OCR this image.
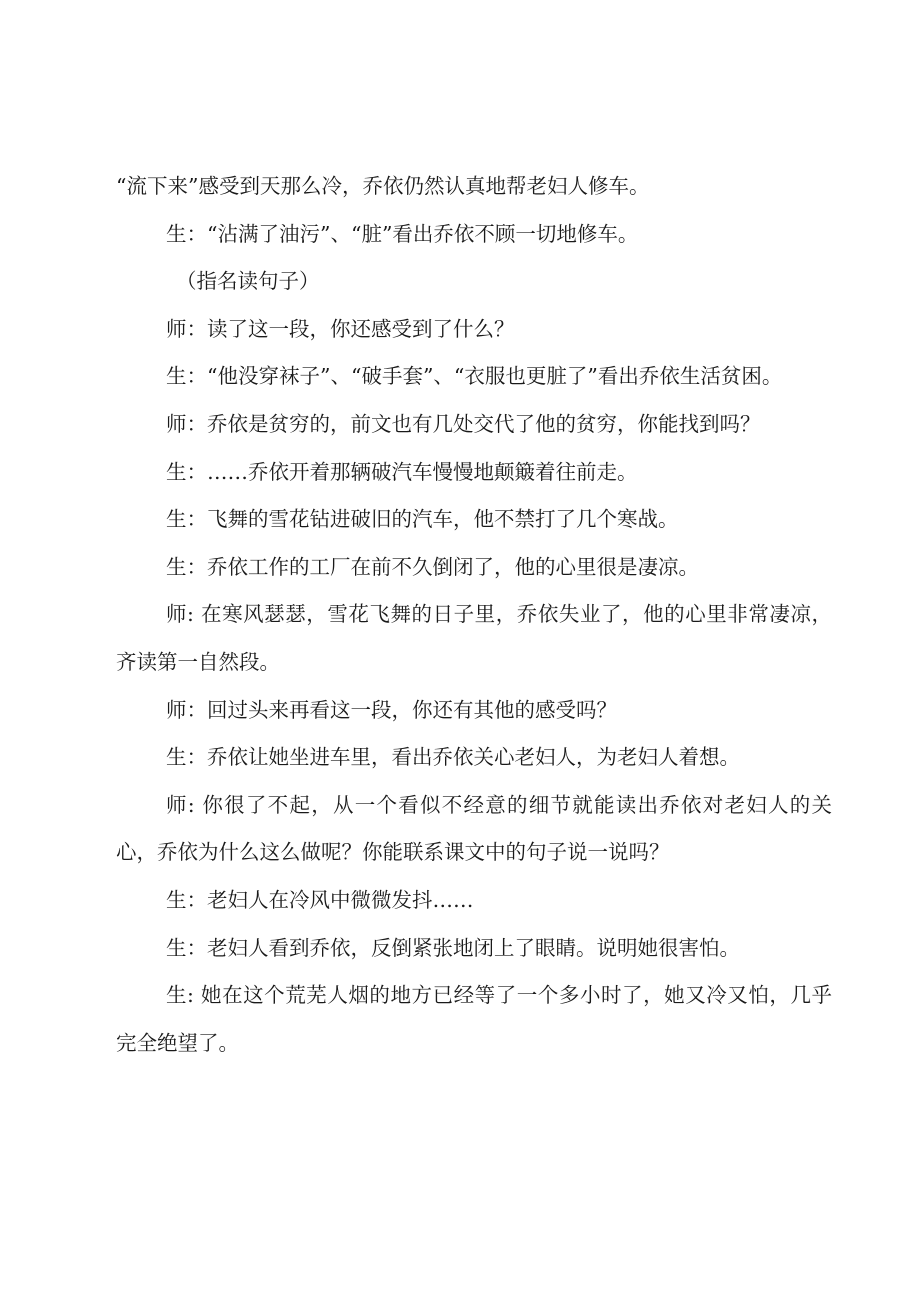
“流下来”感受到天那么冷，乔依仍然认真地帮老妇人修车。

生：“沾满了油污”、“脏”看出乔依不顾一切地修车。

（指名读句子）

师：读了这一段，你还感受到了什么？

生：“他没穿袜子”、“破手套”、“衣服也更脏了”看出乔依生活贫困。

师：乔依是贫穷的，前文也有几处交代了他的贫穷，你能找到吗？

生：……乔依开着那辆破汽车慢慢地颠簸着往前走。

生：飞舞的雪花钻进破旧的汽车，他不禁打了几个寒战。

生：乔依工作的工厂在前不久倒闭了，他的心里很是凄凉。

师: 在寒风瑟瑟，雪花飞舞的日子里，乔依失业了，他的心里非常凄凉，齐读第一自然段。

师：回过头来再看这一段，你还有其他的感受吗？

生：乔依让她坐进车里，看出乔依关心老妇人，为老妇人着想。

师: 你很了不起，从一个看似不经意的细节就能读出乔依对老妇人的关心，乔依为什么这么做呢？你能联系课文中的句子说一说吗？

生：老妇人在冷风中微微发抖……

生：老妇人看到乔依，反倒紧张地闭上了眼睛。说明她很害怕。

生: 她在这个荒芜人烟的地方已经等了一个多小时了，她又冷又怕，几乎完全绝望了。
